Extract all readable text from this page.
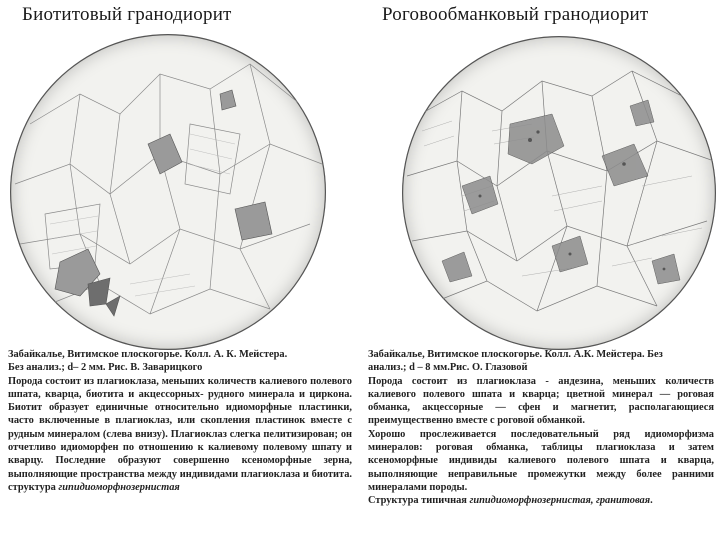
Биотитовый гранодиорит

Забайкалье, Витимское плоскогорье. Колл. А. К. Мейстера.

Без анализ.; d– 2 мм. Рис. В. Заварицкого

Порода состоит из плагиоклаза, меньших количеств калиевого полевого шпата, кварца, биотита и акцессорных- рудного минерала и циркона. Биотит образует единичные относительно идиоморфные пластинки, часто включенные в плагиоклаз, или скопления пластинок вместе с рудным минералом (слева внизу). Плагиоклаз слегка пелитизирован; он отчетливо идиоморфен по отношению к калиевому полевому шпату и кварцу. Последние образуют совершенно ксеноморфные зерна, выполняющие пространства между индивидами плагиоклаза и биотита. структура гипидиоморфнозернистая

Роговообманковый гранодиорит

Забайкалье, Витимское плоскогорье. Колл. А.К. Мейстера. Без

анализ.; d – 8 мм.Рис. О. Глазовой

Порода состоит из плагиоклаза - андезина, меньших количеств калиевого полевого шпата и кварца; цветной минерал — роговая обманка, акцессорные — сфен и магнетит, располагающиеся преимущественно вместе с роговой обманкой.

Хорошо прослеживается последовательный ряд идиоморфизма минералов: роговая обманка, таблицы плагиоклаза и затем ксеноморфные индивиды калиевого полевого шпата и кварца, выполняющие неправильные промежутки между более ранними минералами породы.

Структура типичная гипидиоморфнозернистая, гранитовая.
